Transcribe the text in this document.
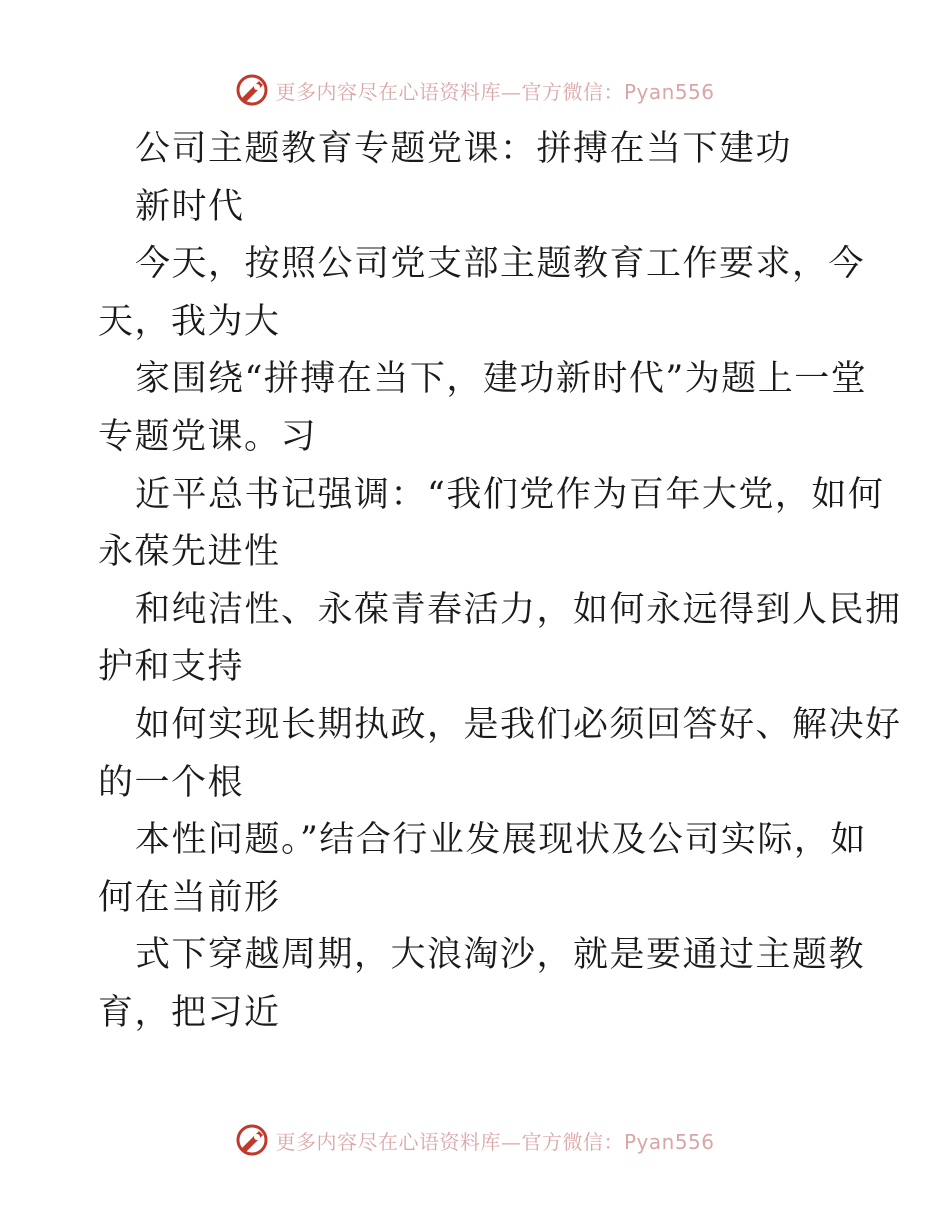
更多内容尽在心语资料库—官方微信：Pyan556
公司主题教育专题党课：拼搏在当下建功
新时代
今天，按照公司党支部主题教育工作要求，今
天，我为大
家围绕“拼搏在当下，建功新时代”为题上一堂
专题党课。习
近平总书记强调：“我们党作为百年大党，如何
永葆先进性
和纯洁性、永葆青春活力，如何永远得到人民拥
护和支持
如何实现长期执政，是我们必须回答好、解决好
的一个根
本性问题。”结合行业发展现状及公司实际，如
何在当前形
式下穿越周期，大浪淘沙，就是要通过主题教
育，把习近
更多内容尽在心语资料库—官方微信：Pyan556
